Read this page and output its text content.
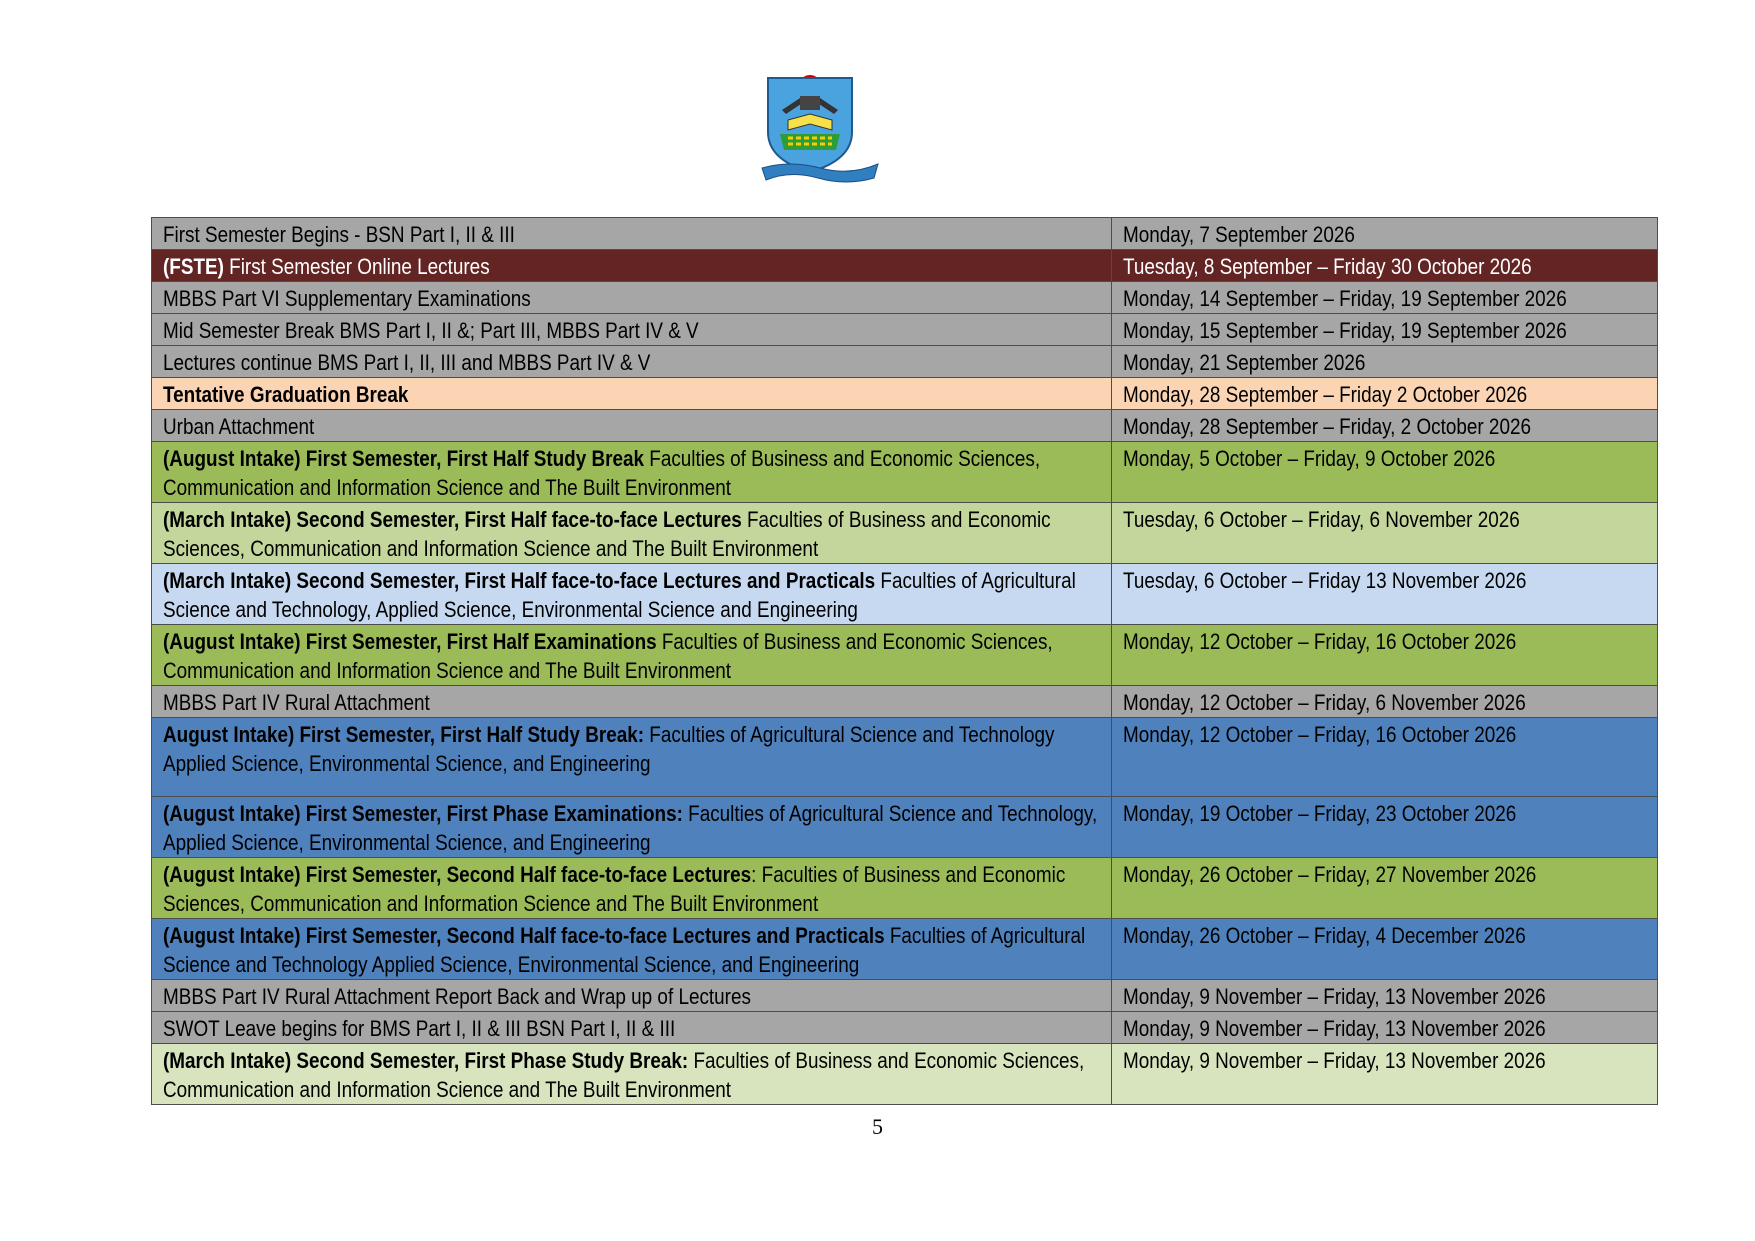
First Semester Begins - BSN Part I, II & III	Monday, 7 September 2026
(FSTE) First Semester Online Lectures	Tuesday, 8 September – Friday 30 October 2026
MBBS Part VI Supplementary Examinations	Monday, 14 September – Friday, 19 September 2026
Mid Semester Break BMS Part I, II &; Part III, MBBS Part IV & V	Monday, 15 September – Friday, 19 September 2026
Lectures continue BMS Part I, II, III and MBBS Part IV & V	Monday, 21 September 2026
Tentative Graduation Break	Monday, 28 September – Friday 2 October 2026
Urban Attachment	Monday, 28 September – Friday, 2 October 2026
(August Intake) First Semester, First Half Study Break Faculties of Business and Economic Sciences, Communication and Information Science and The Built Environment	Monday, 5 October – Friday, 9 October 2026
(March Intake) Second Semester, First Half face-to-face Lectures Faculties of Business and Economic Sciences, Communication and Information Science and The Built Environment	Tuesday, 6 October – Friday, 6 November 2026
(March Intake) Second Semester, First Half face-to-face Lectures and Practicals Faculties of Agricultural Science and Technology, Applied Science, Environmental Science and Engineering	Tuesday, 6 October – Friday 13 November 2026
(August Intake) First Semester, First Half Examinations Faculties of Business and Economic Sciences, Communication and Information Science and The Built Environment	Monday, 12 October – Friday, 16 October 2026
MBBS Part IV Rural Attachment	Monday, 12 October – Friday, 6 November 2026
August Intake) First Semester, First Half Study Break: Faculties of Agricultural Science and Technology Applied Science, Environmental Science, and Engineering	Monday, 12 October – Friday, 16 October 2026
(August Intake) First Semester, First Phase Examinations: Faculties of Agricultural Science and Technology, Applied Science, Environmental Science, and Engineering	Monday, 19 October – Friday, 23 October 2026
(August Intake) First Semester, Second Half face-to-face Lectures: Faculties of Business and Economic Sciences, Communication and Information Science and The Built Environment	Monday, 26 October – Friday, 27 November 2026
(August Intake) First Semester, Second Half face-to-face Lectures and Practicals Faculties of Agricultural Science and Technology Applied Science, Environmental Science, and Engineering	Monday, 26 October – Friday, 4 December 2026
MBBS Part IV Rural Attachment Report Back and Wrap up of Lectures	Monday, 9 November – Friday, 13 November 2026
SWOT Leave begins for BMS Part I, II & III BSN Part I, II & III	Monday, 9 November – Friday, 13 November 2026
(March Intake) Second Semester, First Phase Study Break: Faculties of Business and Economic Sciences, Communication and Information Science and The Built Environment	Monday, 9 November – Friday, 13 November 2026
5
